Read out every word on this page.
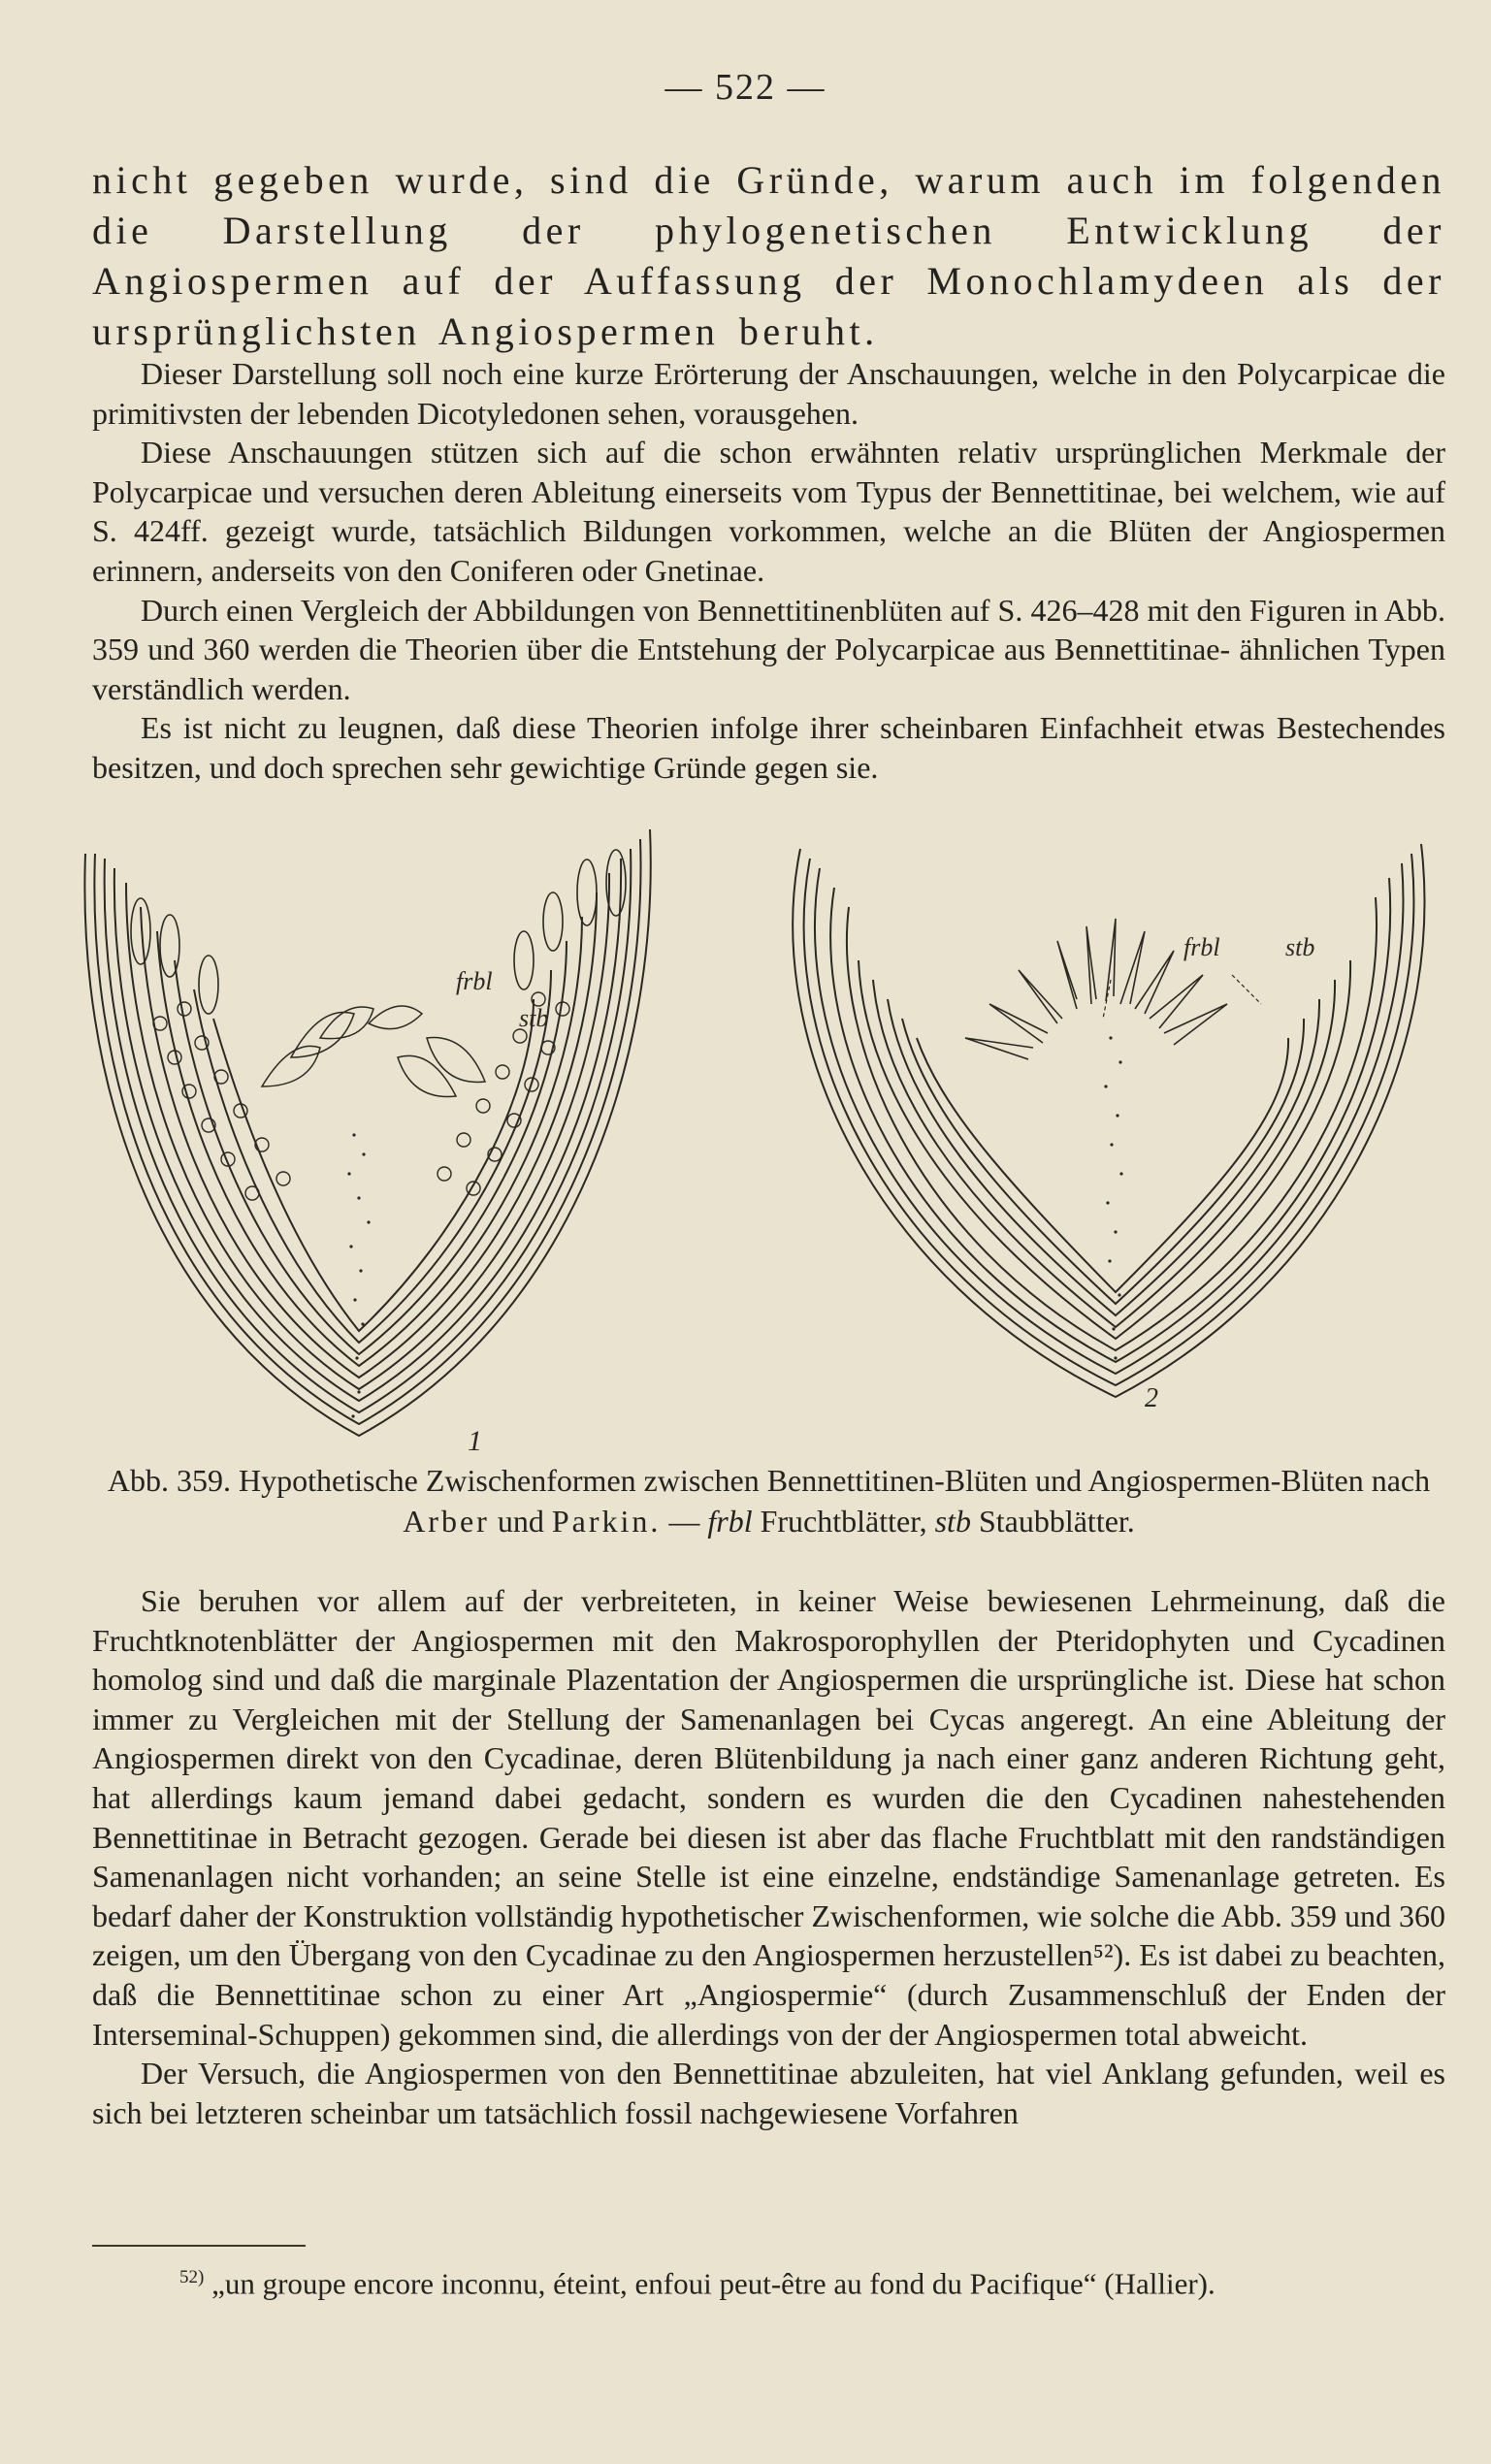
— 522 —
nicht gegeben wurde, sind die Gründe, warum auch im folgenden die Darstellung der phylogenetischen Entwicklung der Angiospermen auf der Auffassung der Monochlamydeen als der ursprünglichsten Angiospermen beruht.

Dieser Darstellung soll noch eine kurze Erörterung der Anschauungen, welche in den Polycarpicae die primitivsten der lebenden Dicotyledonen sehen, vorausgehen.

Diese Anschauungen stützen sich auf die schon erwähnten relativ ursprünglichen Merkmale der Polycarpicae und versuchen deren Ableitung einerseits vom Typus der Bennettitinae, bei welchem, wie auf S. 424ff. gezeigt wurde, tatsächlich Bildungen vorkommen, welche an die Blüten der Angiospermen erinnern, anderseits von den Coniferen oder Gnetinae.

Durch einen Vergleich der Abbildungen von Bennettitinenblüten auf S. 426–428 mit den Figuren in Abb. 359 und 360 werden die Theorien über die Entstehung der Polycarpicae aus Bennettitinae- ähnlichen Typen verständlich werden.

Es ist nicht zu leugnen, daß diese Theorien infolge ihrer scheinbaren Einfachheit etwas Bestechendes besitzen, und doch sprechen sehr gewichtige Gründe gegen sie.

frbl
stb
1
frbl	stb
2
Abb. 359. Hypothetische Zwischenformen zwischen Bennettitinen-Blüten und Angiospermen-Blüten nach Arber und Parkin. — frbl Fruchtblätter, stb Staubblätter.

Sie beruhen vor allem auf der verbreiteten, in keiner Weise bewiesenen Lehrmeinung, daß die Fruchtknotenblätter der Angiospermen mit den Makrosporophyllen der Pteridophyten und Cycadinen homolog sind und daß die marginale Plazentation der Angiospermen die ursprüngliche ist. Diese hat schon immer zu Vergleichen mit der Stellung der Samenanlagen bei Cycas angeregt. An eine Ableitung der Angiospermen direkt von den Cycadinae, deren Blütenbildung ja nach einer ganz anderen Richtung geht, hat allerdings kaum jemand dabei gedacht, sondern es wurden die den Cycadinen nahestehenden Bennettitinae in Betracht gezogen. Gerade bei diesen ist aber das flache Fruchtblatt mit den randständigen Samenanlagen nicht vorhanden; an seine Stelle ist eine einzelne, endständige Samenanlage getreten. Es bedarf daher der Konstruktion vollständig hypothetischer Zwischenformen, wie solche die Abb. 359 und 360 zeigen, um den Übergang von den Cycadinae zu den Angiospermen herzustellen⁵²). Es ist dabei zu beachten, daß die Bennettitinae schon zu einer Art „Angiospermie“ (durch Zusammenschluß der Enden der Interseminal-Schuppen) gekommen sind, die allerdings von der der Angiospermen total abweicht.

Der Versuch, die Angiospermen von den Bennettitinae abzuleiten, hat viel Anklang gefunden, weil es sich bei letzteren scheinbar um tatsächlich fossil nachgewiesene Vorfahren

$^{52)}$ „un groupe encore inconnu, éteint, enfoui peut-être au fond du Pacifique“ (Hallier).
